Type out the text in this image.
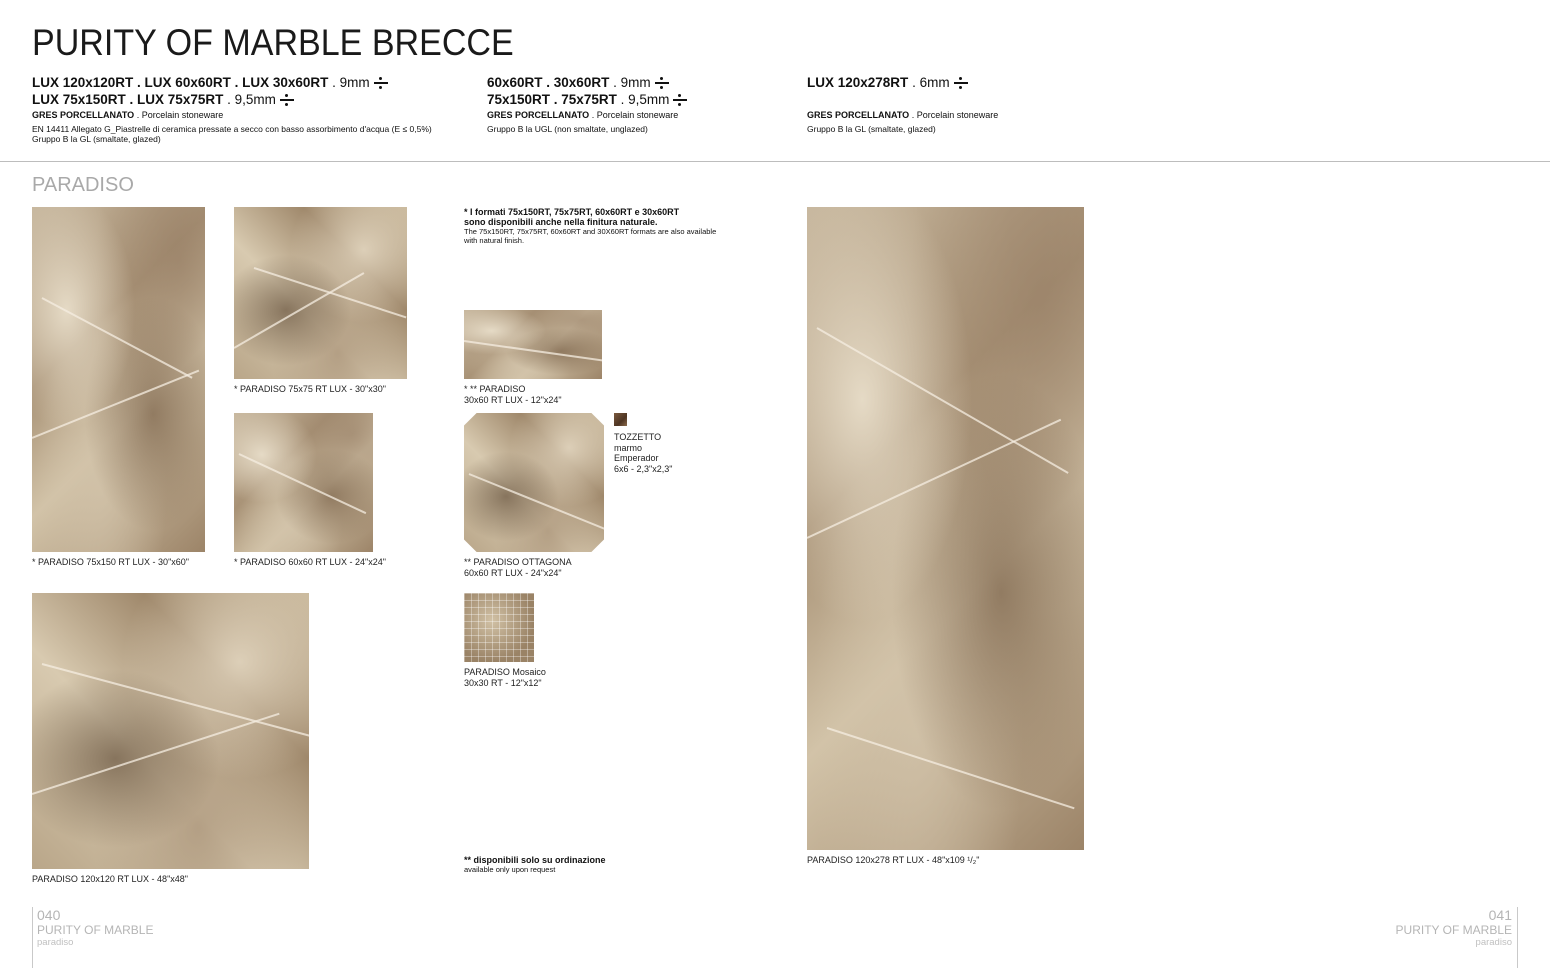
PURITY OF MARBLE BRECCE
LUX 120x120RT . LUX 60x60RT . LUX 30x60RT . 9mm
LUX 75x150RT . LUX 75x75RT . 9,5mm
GRES PORCELLANATO . Porcelain stoneware
EN 14411 Allegato G_Piastrelle di ceramica pressate a secco con basso assorbimento d'acqua (E ≤ 0,5%)
Gruppo B la GL (smaltate, glazed)
60x60RT . 30x60RT . 9mm
75x150RT . 75x75RT . 9,5mm
GRES PORCELLANATO . Porcelain stoneware
Gruppo B la UGL (non smaltate, unglazed)
LUX 120x278RT . 6mm
GRES PORCELLANATO . Porcelain stoneware
Gruppo B la GL (smaltate, glazed)
PARADISO
* PARADISO 75x150 RT LUX - 30"x60"
* PARADISO 75x75 RT LUX - 30"x30"
* PARADISO 60x60 RT LUX - 24"x24"
PARADISO 120x120 RT LUX - 48"x48"
* I formati 75x150RT, 75x75RT, 60x60RT e 30x60RT
sono disponibili anche nella finitura naturale.
The 75x150RT, 75x75RT, 60x60RT and 30X60RT formats are also available
with natural finish.
* ** PARADISO
30x60 RT LUX - 12"x24"
** PARADISO OTTAGONA
60x60 RT LUX - 24"x24"
TOZZETTO
marmo
Emperador
6x6 - 2,3"x2,3"
PARADISO Mosaico
30x30 RT - 12"x12"
** disponibili solo su ordinazione
available only upon request
PARADISO 120x278 RT LUX - 48"x109 ¹/₂"
040
PURITY OF MARBLE
paradiso
041
PURITY OF MARBLE
paradiso
